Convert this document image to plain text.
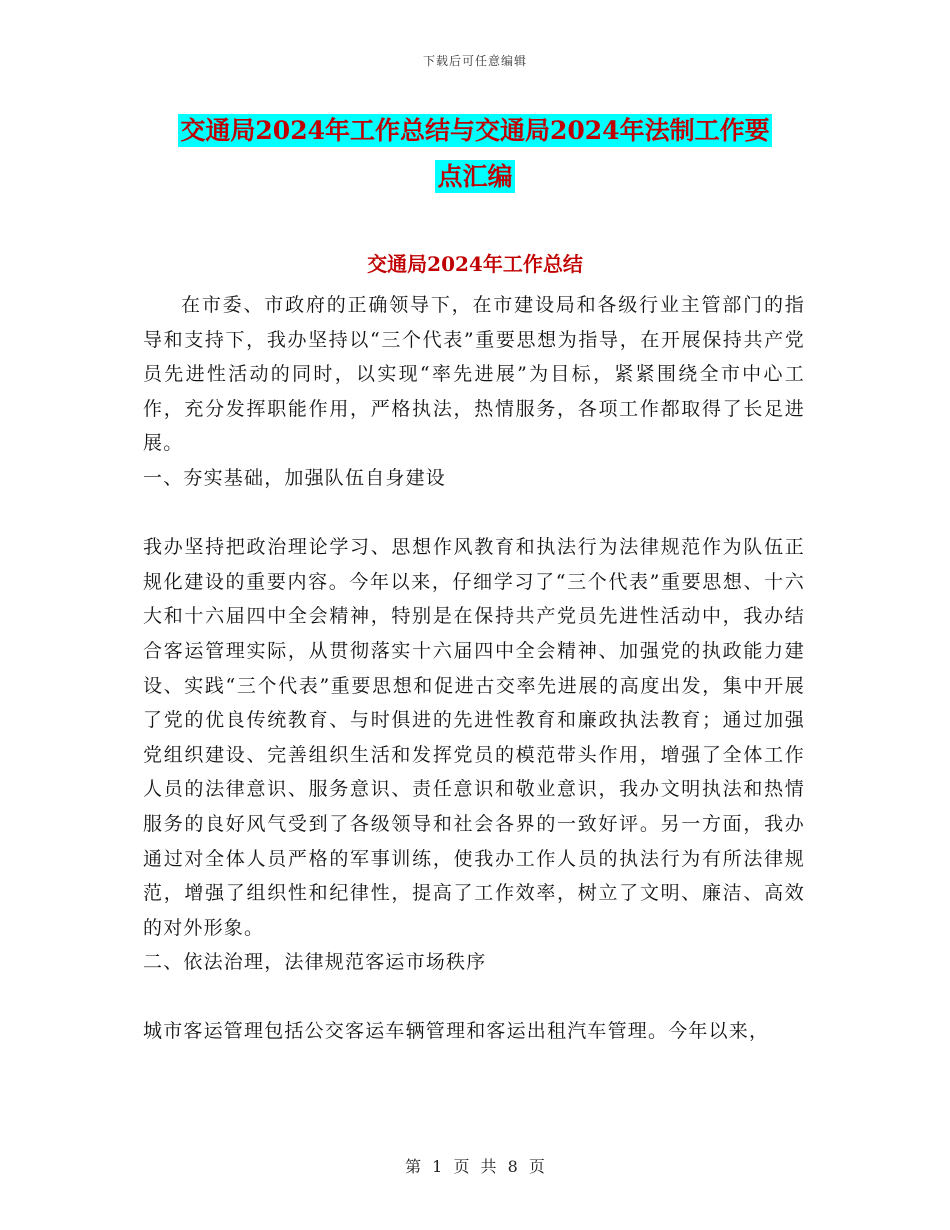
下载后可任意编辑
交通局2024年工作总结与交通局2024年法制工作要
点汇编
交通局2024年工作总结

在市委、市政府的正确领导下，在市建设局和各级行业主管部门的指导和支持下，我办坚持以“三个代表”重要思想为指导，在开展保持共产党员先进性活动的同时，以实现“率先进展”为目标，紧紧围绕全市中心工作，充分发挥职能作用，严格执法，热情服务，各项工作都取得了长足进展。

一、夯实基础，加强队伍自身建设

我办坚持把政治理论学习、思想作风教育和执法行为法律规范作为队伍正规化建设的重要内容。今年以来，仔细学习了“三个代表”重要思想、十六大和十六届四中全会精神，特别是在保持共产党员先进性活动中，我办结合客运管理实际，从贯彻落实十六届四中全会精神、加强党的执政能力建设、实践“三个代表”重要思想和促进古交率先进展的高度出发，集中开展了党的优良传统教育、与时俱进的先进性教育和廉政执法教育；通过加强党组织建设、完善组织生活和发挥党员的模范带头作用，增强了全体工作人员的法律意识、服务意识、责任意识和敬业意识，我办文明执法和热情服务的良好风气受到了各级领导和社会各界的一致好评。另一方面，我办通过对全体人员严格的军事训练，使我办工作人员的执法行为有所法律规范，增强了组织性和纪律性，提高了工作效率，树立了文明、廉洁、高效的对外形象。

二、依法治理，法律规范客运市场秩序

城市客运管理包括公交客运车辆管理和客运出租汽车管理。今年以来，

第 1 页 共 8 页
